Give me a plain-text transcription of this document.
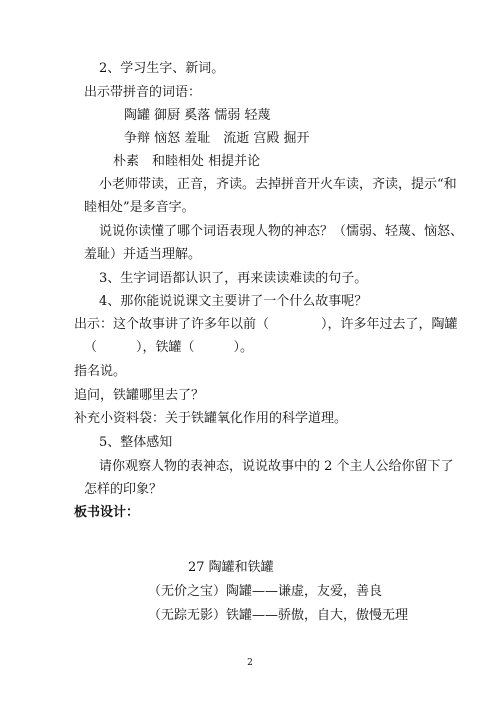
2、学习生字、新词。
出示带拼音的词语：
陶罐 御厨 奚落 懦弱 轻蔑
争辩 恼怒 羞耻　流逝 宫殿 掘开
朴素　和睦相处 相提并论
小老师带读，正音，齐读。去掉拼音开火车读，齐读，提示“和
睦相处”是多音字。
说说你读懂了哪个词语表现人物的神态？（懦弱、轻蔑、恼怒、
羞耻）并适当理解。
3、生字词语都认识了，再来读读难读的句子。
4、那你能说说课文主要讲了一个什么故事呢？
出示：这个故事讲了许多年以前（　　　　），许多年过去了，陶罐
（　　　），铁罐（　　　）。
指名说。
追问，铁罐哪里去了？
补充小资料袋：关于铁罐氧化作用的科学道理。
5、整体感知
请你观察人物的表神态，说说故事中的 2 个主人公给你留下了
怎样的印象？
板书设计：
27 陶罐和铁罐
（无价之宝）陶罐——谦虚，友爱，善良
（无踪无影）铁罐——骄傲，自大，傲慢无理
2
